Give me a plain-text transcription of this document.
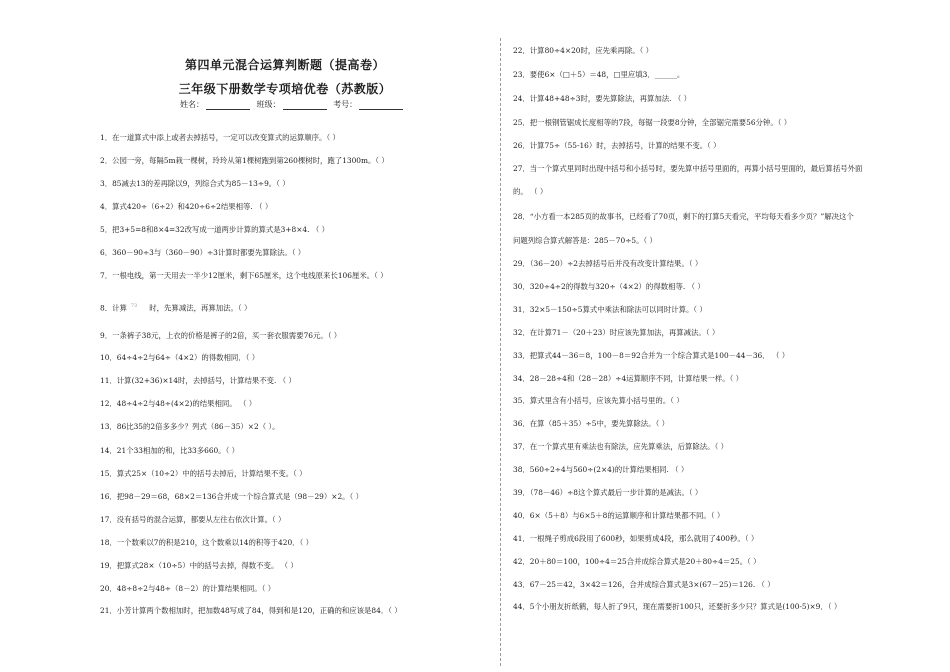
第四单元混合运算判断题（提高卷）
三年级下册数学专项培优卷（苏教版）
姓名：	班级：	考号：
1．在一道算式中添上或者去掉括号，一定可以改变算式的运算顺序。（ ）
2．公园一旁，每隔5m栽一棵树，玲玲从第1棵树跑到第260棵树时，跑了1300m。（ ）
3．85减去13的差再除以9，列综合式为85－13÷9。（ ）
4．算式420÷（6÷2）和420÷6÷2结果相等. （ ）
5．把3+5=8和8×4=32改写成一道两步计算的算式是3+8×4. （ ）
6．360－90÷3与（360－90）÷3计算时都要先算除法。（ ）
7．一根电线，第一天用去一半少12厘米，剩下65厘米，这个电线原来长106厘米。（ ）
8．计算 $^{73}$ 时，先算减法，再算加法。（ ）
9．一条裤子38元，上衣的价格是裤子的2倍，买一套衣服需要76元。（ ）
10．64÷4÷2与64÷（4×2）的得数相同．（ ）
11．计算(32+36)×14时，去掉括号，计算结果不变. （ ）
12．48÷4÷2与48÷(4×2)的结果相同。 （ ）
13．86比35的2倍多多少？列式（86－35）×2（ ）。
14．21个33相加的和，比33多660。（ ）
15．算式25×（10÷2）中的括号去掉后，计算结果不变。（ ）
16．把98－29＝68，68×2＝136合并成一个综合算式是（98－29）×2。（ ）
17．没有括号的混合运算，都要从左往右依次计算。（ ）
18．一个数乘以7的积是210，这个数乘以14的积等于420．（ ）
19．把算式28×（10÷5）中的括号去掉，得数不变。 （ ）
20．48÷8÷2与48÷（8－2）的计算结果相同。（ ）
21．小芳计算两个数相加时，把加数48写成了84，得到和是120，正确的和应该是84．（ ）
22．计算80÷4×20时，应先乘再除。（ ）
23．要使6×（□＋5）＝48，□里应填3．______。
24．计算48+48÷3时，要先算除法，再算加法. （ ）
25．把一根钢管锯成长度相等的7段，每锯一段要8分钟，全部锯完需要56分钟。（ ）
26．计算75÷（55-16）时，去掉括号，计算的结果不变。（ ）
27．当一个算式里同时出现中括号和小括号时，要先算中括号里面的，再算小括号里面的，最后算括号外面
的。 （ ）
28．“小方看一本285页的故事书，已经看了70页，剩下的打算5天看完，平均每天看多少页？”解决这个
问题列综合算式解答是：285－70÷5。（ ）
29．（36－20）÷2去掉括号后并没有改变计算结果。（ ）
30．320÷4÷2的得数与320÷（4×2）的得数相等. （ ）
31．32×5－150÷5算式中乘法和除法可以同时计算。（ ）
32．在计算71－（20＋23）时应该先算加法，再算减法。（ ）
33．把算式44－36＝8，100－8＝92合并为一个综合算式是100－44－36． （ ）
34．28－28÷4和（28－28）÷4运算顺序不同，计算结果一样。（ ）
35．算式里含有小括号，应该先算小括号里的。（ ）
36．在算（85＋35）÷5中，要先算除法。（ ）
37．在一个算式里有乘法也有除法，应先算乘法，后算除法。（ ）
38．560÷2÷4与560÷(2×4)的计算结果相同. （ ）
39．（78－46）÷8这个算式最后一步计算的是减法。（ ）
40．6×（5＋8）与6×5＋8的运算顺序和计算结果都不同。（ ）
41．一根绳子剪成6段用了600秒，如果剪成4段，那么就用了400秒。（ ）
42．20＋80＝100，100÷4＝25合并成综合算式是20＋80÷4＝25。（ ）
43．67－25＝42，3×42＝126，合并成综合算式是3×(67－25)＝126. （ ）
44．5个小朋友折纸鹤，每人折了9只，现在需要折100只，还要折多少只？算式是(100-5)×9．（ ）
